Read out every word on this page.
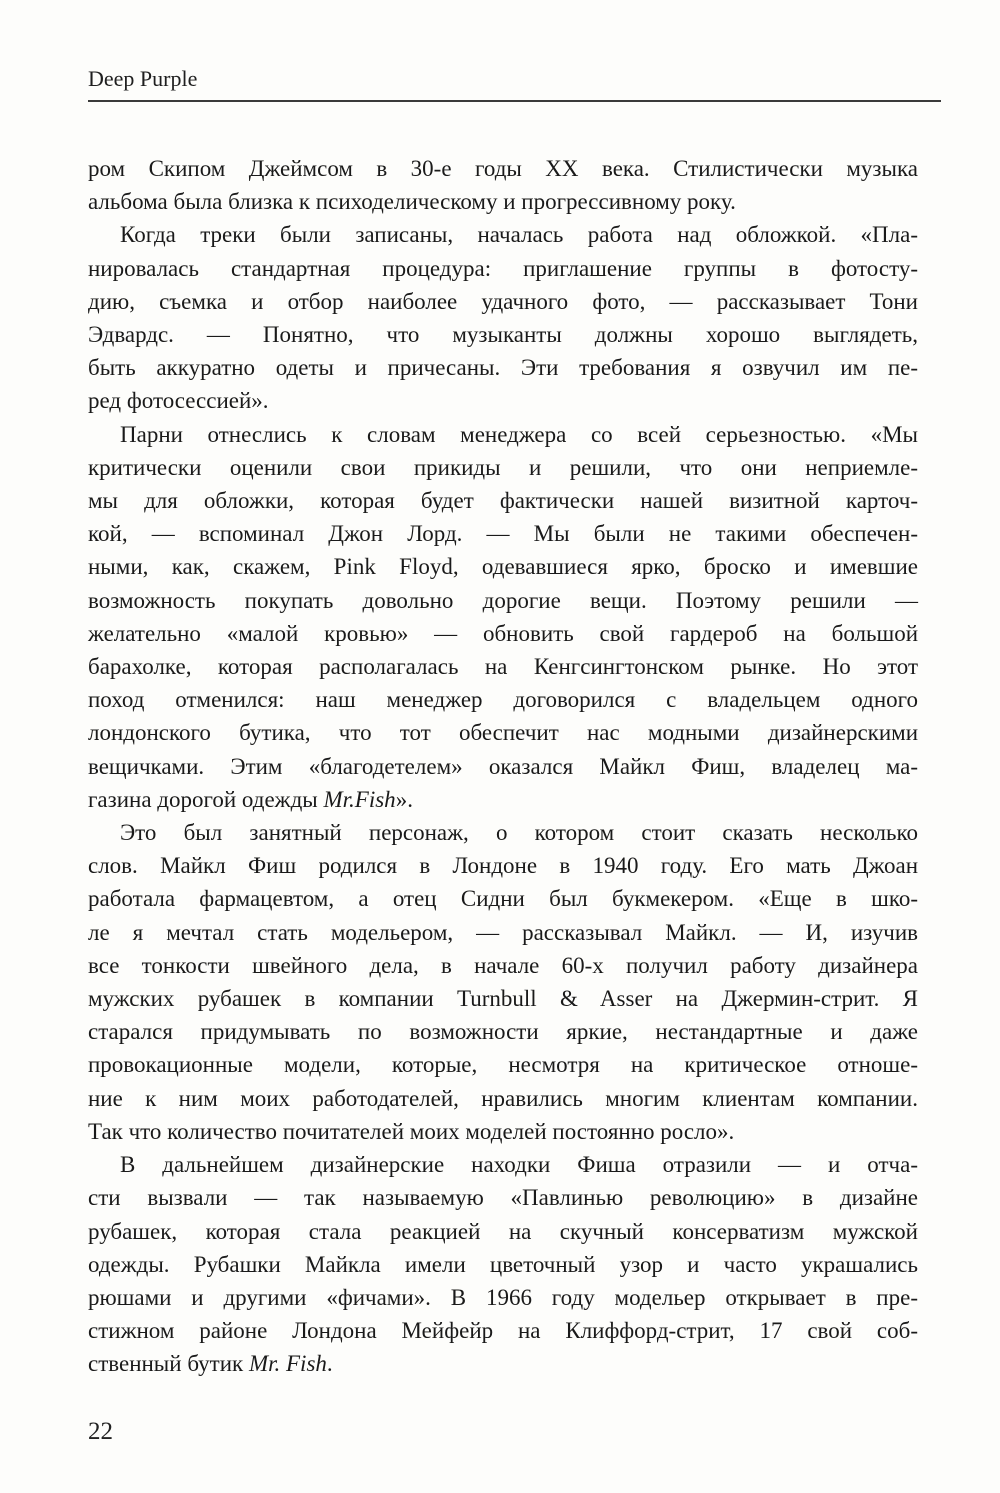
Deep Purple
ром Скипом Джеймсом в 30-е годы XX века. Стилистически музыка
альбома была близка к психоделическому и прогрессивному року.
Когда треки были записаны, началась работа над обложкой. «Пла-
нировалась стандартная процедура: приглашение группы в фотосту-
дию, съемка и отбор наиболее удачного фото, — рассказывает Тони
Эдвардс. — Понятно, что музыканты должны хорошо выглядеть,
быть аккуратно одеты и причесаны. Эти требования я озвучил им пе-
ред фотосессией».
Парни отнеслись к словам менеджера со всей серьезностью. «Мы
критически оценили свои прикиды и решили, что они неприемле-
мы для обложки, которая будет фактически нашей визитной карточ-
кой, — вспоминал Джон Лорд. — Мы были не такими обеспечен-
ными, как, скажем, Pink Floyd, одевавшиеся ярко, броско и имевшие
возможность покупать довольно дорогие вещи. Поэтому решили —
желательно «малой кровью» — обновить свой гардероб на большой
барахолке, которая располагалась на Кенгсингтонском рынке. Но этот
поход отменился: наш менеджер договорился с владельцем одного
лондонского бутика, что тот обеспечит нас модными дизайнерскими
вещичками. Этим «благодетелем» оказался Майкл Фиш, владелец ма-
газина дорогой одежды Mr.Fish».
Это был занятный персонаж, о котором стоит сказать несколько
слов. Майкл Фиш родился в Лондоне в 1940 году. Его мать Джоан
работала фармацевтом, а отец Сидни был букмекером. «Еще в шко-
ле я мечтал стать модельером, — рассказывал Майкл. — И, изучив
все тонкости швейного дела, в начале 60-х получил работу дизайнера
мужских рубашек в компании Turnbull & Asser на Джермин-стрит. Я
старался придумывать по возможности яркие, нестандартные и даже
провокационные модели, которые, несмотря на критическое отноше-
ние к ним моих работодателей, нравились многим клиентам компании.
Так что количество почитателей моих моделей постоянно росло».
В дальнейшем дизайнерские находки Фиша отразили — и отча-
сти вызвали — так называемую «Павлинью революцию» в дизайне
рубашек, которая стала реакцией на скучный консерватизм мужской
одежды. Рубашки Майкла имели цветочный узор и часто украшались
рюшами и другими «фичами». В 1966 году модельер открывает в пре-
стижном районе Лондона Мейфейр на Клиффорд-стрит, 17 свой соб-
ственный бутик Mr. Fish.
22
